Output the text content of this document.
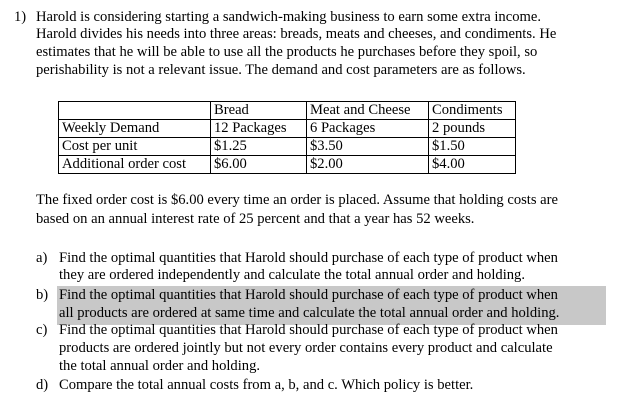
1) Harold is considering starting a sandwich-making business to earn some extra income.
Harold divides his needs into three areas: breads, meats and cheeses, and condiments. He
estimates that he will be able to use all the products he purchases before they spoil, so
perishability is not a relevant issue. The demand and cost parameters are as follows.
	Bread	Meat and Cheese	Condiments
Weekly Demand	12 Packages	6 Packages	2 pounds
Cost per unit	$1.25	$3.50	$1.50
Additional order cost	$6.00	$2.00	$4.00
The fixed order cost is $6.00 every time an order is placed. Assume that holding costs are
based on an annual interest rate of 25 percent and that a year has 52 weeks.
a) Find the optimal quantities that Harold should purchase of each type of product when
they are ordered independently and calculate the total annual order and holding.
b) Find the optimal quantities that Harold should purchase of each type of product when
all products are ordered at same time and calculate the total annual order and holding.
c) Find the optimal quantities that Harold should purchase of each type of product when
products are ordered jointly but not every order contains every product and calculate
the total annual order and holding.
d) Compare the total annual costs from a, b, and c. Which policy is better.
